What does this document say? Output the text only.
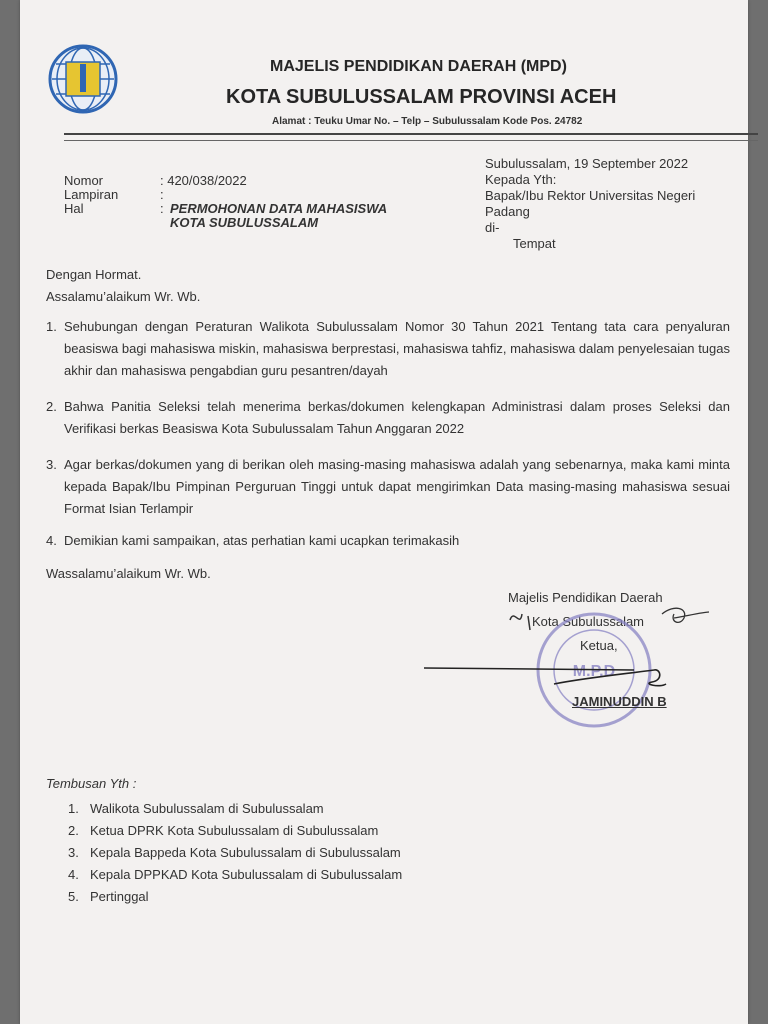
MAJELIS PENDIDIKAN DAERAH (MPD)
KOTA SUBULUSSALAM PROVINSI ACEH
Alamat : Teuku Umar No. – Telp – Subulussalam Kode Pos. 24782
Nomor	: 420/038/2022
Lampiran	:
Hal	: PERMOHONAN DATA MAHASISWA
KOTA SUBULUSSALAM
Subulussalam, 19 September 2022
Kepada Yth:
Bapak/Ibu Rektor Universitas Negeri
Padang
di-
Tempat
Dengan Hormat.
Assalamu’alaikum Wr. Wb.
1. Sehubungan dengan Peraturan Walikota Subulussalam Nomor 30 Tahun 2021 Tentang tata cara penyaluran beasiswa bagi mahasiswa miskin, mahasiswa berprestasi, mahasiswa tahfiz, mahasiswa dalam penyelesaian tugas akhir dan mahasiswa pengabdian guru pesantren/dayah
2. Bahwa Panitia Seleksi telah menerima berkas/dokumen kelengkapan Administrasi dalam proses Seleksi dan Verifikasi berkas Beasiswa Kota Subulussalam Tahun Anggaran 2022
3. Agar berkas/dokumen yang di berikan oleh masing-masing mahasiswa adalah yang sebenarnya, maka kami minta kepada Bapak/Ibu Pimpinan Perguruan Tinggi untuk dapat mengirimkan Data masing-masing mahasiswa sesuai Format Isian Terlampir
4. Demikian kami sampaikan, atas perhatian kami ucapkan terimakasih
Wassalamu’alaikum Wr. Wb.
Majelis Pendidikan Daerah
Kota Subulussalam
Ketua,
M.P.D
JAMINUDDIN B
Tembusan Yth :
1. Walikota Subulussalam di Subulussalam
2. Ketua DPRK Kota Subulussalam di Subulussalam
3. Kepala Bappeda Kota Subulussalam di Subulussalam
4. Kepala DPPKAD Kota Subulussalam di Subulussalam
5. Pertinggal
